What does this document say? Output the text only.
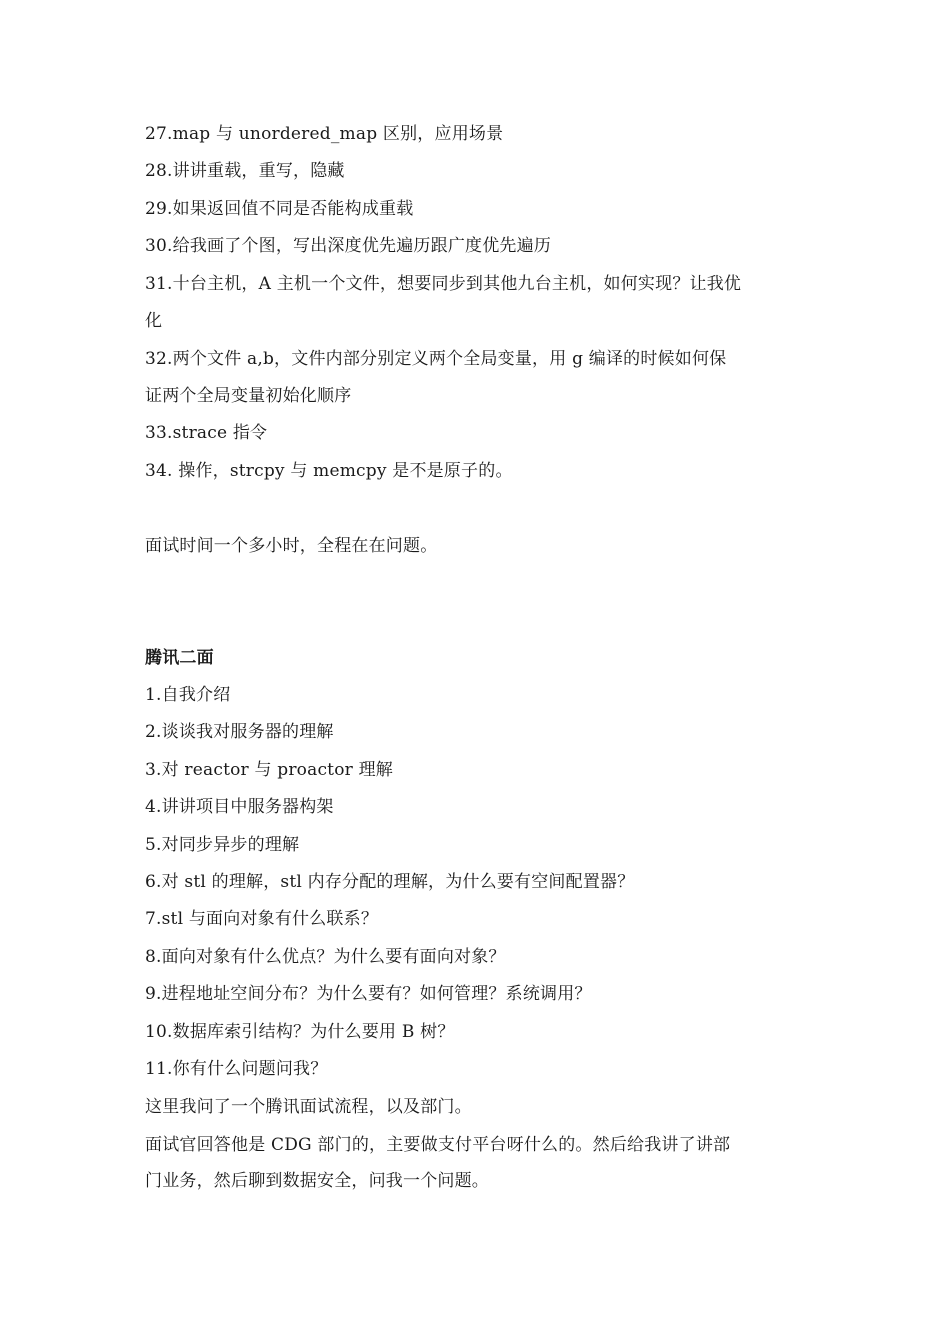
27.map 与 unordered_map 区别，应用场景
28.讲讲重载，重写，隐藏
29.如果返回值不同是否能构成重载
30.给我画了个图，写出深度优先遍历跟广度优先遍历
31.十台主机，A 主机一个文件，想要同步到其他九台主机，如何实现？让我优
化
32.两个文件 a,b，文件内部分别定义两个全局变量，用 g 编译的时候如何保
证两个全局变量初始化顺序
33.strace 指令
34. 操作，strcpy 与 memcpy 是不是原子的。
面试时间一个多小时，全程在在问题。
腾讯二面
1.自我介绍
2.谈谈我对服务器的理解
3.对 reactor 与 proactor 理解
4.讲讲项目中服务器构架
5.对同步异步的理解
6.对 stl 的理解，stl 内存分配的理解，为什么要有空间配置器？
7.stl 与面向对象有什么联系？
8.面向对象有什么优点？为什么要有面向对象？
9.进程地址空间分布？为什么要有？如何管理？系统调用？
10.数据库索引结构？为什么要用 B 树？
11.你有什么问题问我？
这里我问了一个腾讯面试流程，以及部门。
面试官回答他是 CDG 部门的，主要做支付平台呀什么的。然后给我讲了讲部
门业务，然后聊到数据安全，问我一个问题。
